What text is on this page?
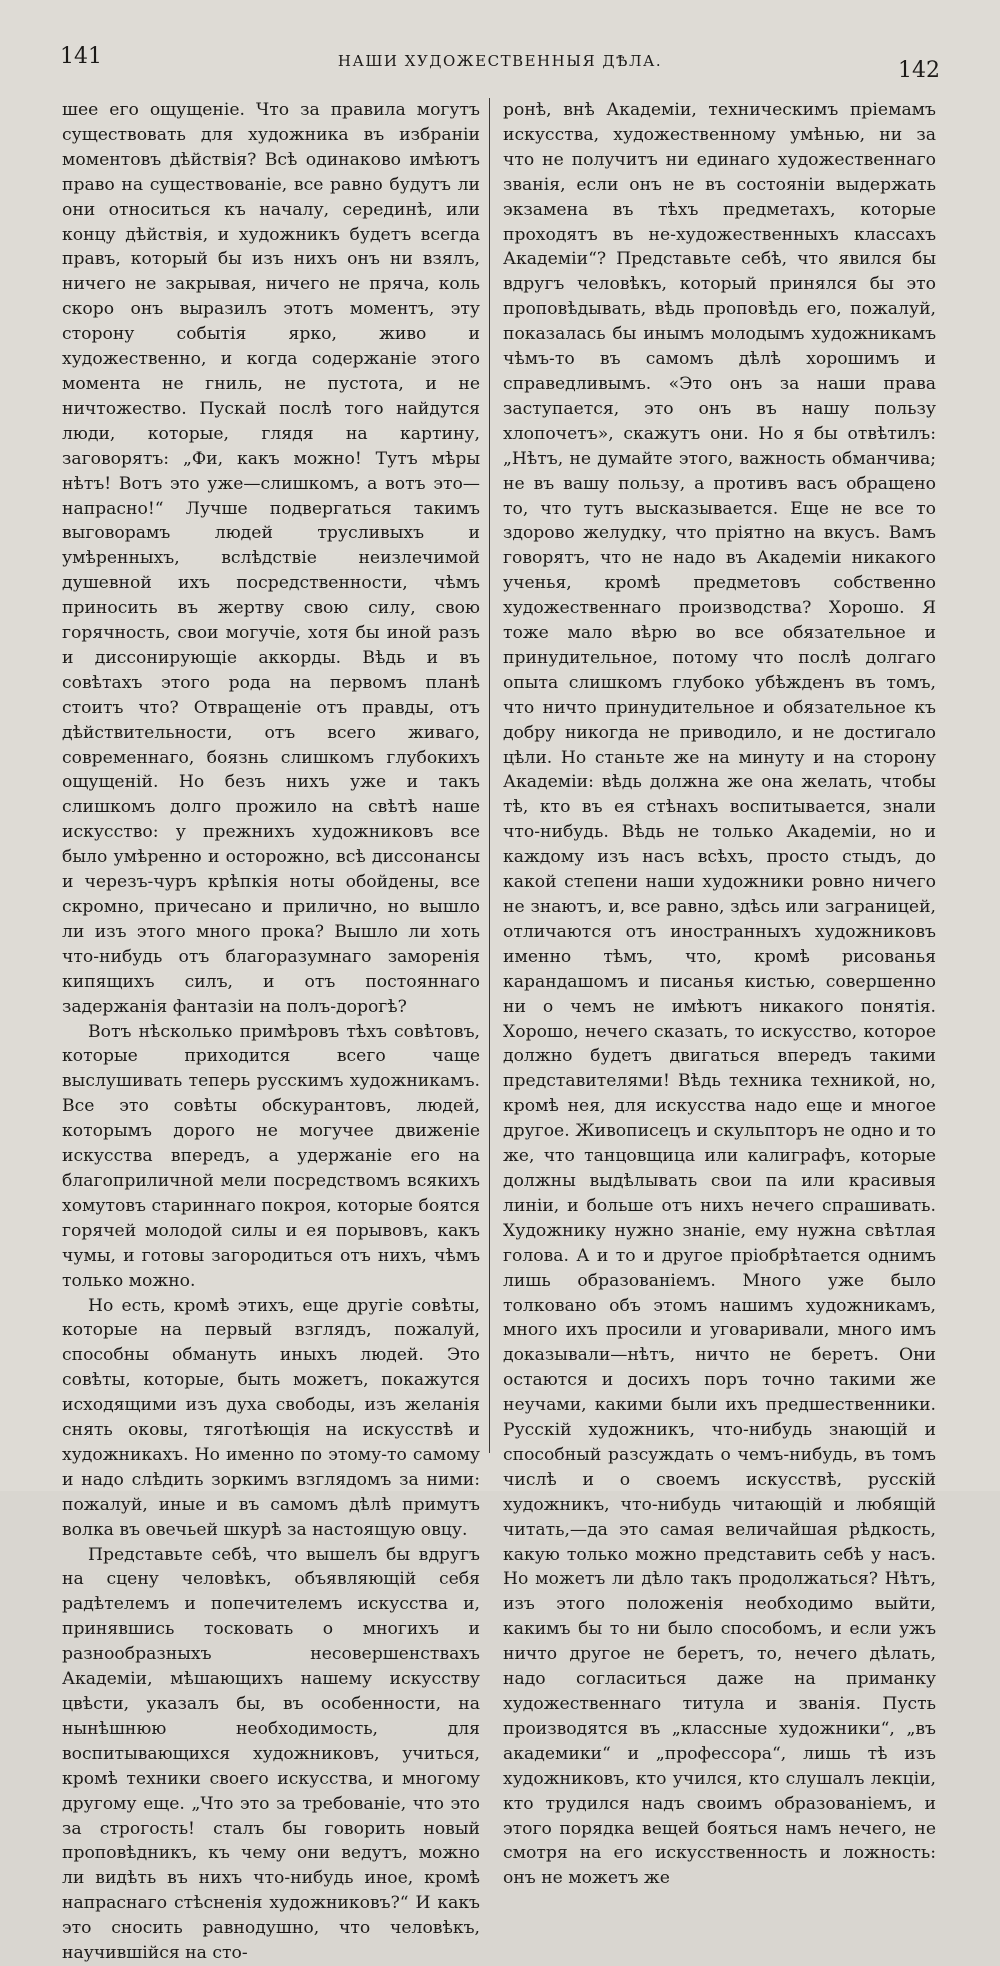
141	НАШИ ХУДОЖЕСТВЕННЫЯ ДѢЛА.	142

шее его ощущеніе. Что за правила могутъ существовать для художника въ избраніи моментовъ дѣйствія? Всѣ одинаково имѣютъ право на существованіе, все равно будутъ ли они относиться къ началу, серединѣ, или концу дѣйствія, и художникъ будетъ всегда правъ, который бы изъ нихъ онъ ни взялъ, ничего не закрывая, ничего не пряча, коль скоро онъ выразилъ этотъ моментъ, эту сторону событія ярко, живо и художественно, и когда содержаніе этого момента не гниль, не пустота, и не ничтожество. Пускай послѣ того найдутся люди, которые, глядя на картину, заговорятъ: „Фи, какъ можно! Тутъ мѣры нѣтъ! Вотъ это уже—слишкомъ, а вотъ это—напрасно!“ Лучше подвергаться такимъ выговорамъ людей трусливыхъ и умѣренныхъ, вслѣдствіе неизлечимой душевной ихъ посредственности, чѣмъ приносить въ жертву свою силу, свою горячность, свои могучіе, хотя бы иной разъ и диссонирующіе аккорды. Вѣдь и въ совѣтахъ этого рода на первомъ планѣ стоитъ что? Отвращеніе отъ правды, отъ дѣйствительности, отъ всего живаго, современнаго, боязнь слишкомъ глубокихъ ощущеній. Но безъ нихъ уже и такъ слишкомъ долго прожило на свѣтѣ наше искусство: у прежнихъ художниковъ все было умѣренно и осторожно, всѣ диссонансы и черезъ-чуръ крѣпкія ноты обойдены, все скромно, причесано и прилично, но вышло ли изъ этого много прока? Вышло ли хоть что-нибудь отъ благоразумнаго заморенія кипящихъ силъ, и отъ постояннаго задержанія фантазіи на полъ-дорогѣ?

Вотъ нѣсколько примѣровъ тѣхъ совѣтовъ, которые приходится всего чаще выслушивать теперь русскимъ художникамъ. Все это совѣты обскурантовъ, людей, которымъ дорого не могучее движеніе искусства впередъ, а удержаніе его на благоприличной мели посредствомъ всякихъ хомутовъ стариннаго покроя, которые боятся горячей молодой силы и ея порывовъ, какъ чумы, и готовы загородиться отъ нихъ, чѣмъ только можно.

Но есть, кромѣ этихъ, еще другіе совѣты, которые на первый взглядъ, пожалуй, способны обмануть иныхъ людей. Это совѣты, которые, быть можетъ, покажутся исходящими изъ духа свободы, изъ желанія снять оковы, тяготѣющія на искусствѣ и художникахъ. Но именно по этому-то самому и надо слѣдить зоркимъ взглядомъ за ними: пожалуй, иные и въ самомъ дѣлѣ примутъ волка въ овечьей шкурѣ за настоящую овцу.

Представьте себѣ, что вышелъ бы вдругъ на сцену человѣкъ, объявляющій себя радѣтелемъ и попечителемъ искусства и, принявшись тосковать о многихъ и разнообразныхъ несовершенствахъ Академіи, мѣшающихъ нашему искусству цвѣсти, указалъ бы, въ особенности, на нынѣшнюю необходимость, для воспитывающихся художниковъ, учиться, кромѣ техники своего искусства, и многому другому еще. „Что это за требованіе, что это за строгость! сталъ бы говорить новый проповѣдникъ, къ чему они ведутъ, можно ли видѣть въ нихъ что-нибудь иное, кромѣ напраснаго стѣсненія художниковъ?“ И какъ это сносить равнодушно, что человѣкъ, научившійся на сто-

ронѣ, внѣ Академіи, техническимъ пріемамъ искусства, художественному умѣнью, ни за что не получитъ ни единаго художественнаго званія, если онъ не въ состояніи выдержать экзамена въ тѣхъ предметахъ, которые проходятъ въ не-художественныхъ классахъ Академіи“? Представьте себѣ, что явился бы вдругъ человѣкъ, который принялся бы это проповѣдывать, вѣдь проповѣдь его, пожалуй, показалась бы инымъ молодымъ художникамъ чѣмъ-то въ самомъ дѣлѣ хорошимъ и справедливымъ. «Это онъ за наши права заступается, это онъ въ нашу пользу хлопочетъ», скажутъ они. Но я бы отвѣтилъ: „Нѣтъ, не думайте этого, важность обманчива; не въ вашу пользу, а противъ васъ обращено то, что тутъ высказывается. Еще не все то здорово желудку, что пріятно на вкусъ. Вамъ говорятъ, что не надо въ Академіи никакого ученья, кромѣ предметовъ собственно художественнаго производства? Хорошо. Я тоже мало вѣрю во все обязательное и принудительное, потому что послѣ долгаго опыта слишкомъ глубоко убѣжденъ въ томъ, что ничто принудительное и обязательное къ добру никогда не приводило, и не достигало цѣли. Но станьте же на минуту и на сторону Академіи: вѣдь должна же она желать, чтобы тѣ, кто въ ея стѣнахъ воспитывается, знали что-нибудь. Вѣдь не только Академіи, но и каждому изъ насъ всѣхъ, просто стыдъ, до какой степени наши художники ровно ничего не знаютъ, и, все равно, здѣсь или заграницей, отличаются отъ иностранныхъ художниковъ именно тѣмъ, что, кромѣ рисованья карандашомъ и писанья кистью, совершенно ни о чемъ не имѣютъ никакого понятія. Хорошо, нечего сказать, то искусство, которое должно будетъ двигаться впередъ такими представителями! Вѣдь техника техникой, но, кромѣ нея, для искусства надо еще и многое другое. Живописецъ и скульпторъ не одно и то же, что танцовщица или калиграфъ, которые должны выдѣлывать свои па или красивыя линіи, и больше отъ нихъ нечего спрашивать. Художнику нужно знаніе, ему нужна свѣтлая голова. А и то и другое пріобрѣтается однимъ лишь образованіемъ. Много уже было толковано объ этомъ нашимъ художникамъ, много ихъ просили и уговаривали, много имъ доказывали—нѣтъ, ничто не беретъ. Они остаются и досихъ поръ точно такими же неучами, какими были ихъ предшественники. Русскій художникъ, что-нибудь знающій и способный разсуждать о чемъ-нибудь, въ томъ числѣ и о своемъ искусствѣ, русскій художникъ, что-нибудь читающій и любящій читать,—да это самая величайшая рѣдкость, какую только можно представить себѣ у насъ. Но можетъ ли дѣло такъ продолжаться? Нѣтъ, изъ этого положенія необходимо выйти, какимъ бы то ни было способомъ, и если ужъ ничто другое не беретъ, то, нечего дѣлать, надо согласиться даже на приманку художественнаго титула и званія. Пусть производятся въ „классные художники“, „въ академики“ и „профессора“, лишь тѣ изъ художниковъ, кто учился, кто слушалъ лекціи, кто трудился надъ своимъ образованіемъ, и этого порядка вещей бояться намъ нечего, не смотря на его искусственность и ложность: онъ не можетъ же
